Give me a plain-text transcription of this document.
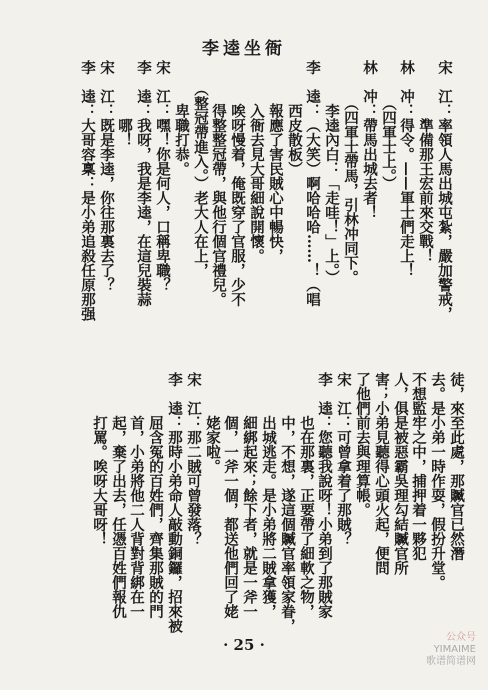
李逵坐衙
宋　江：率領人馬出城屯紮，嚴加警戒，
　　　　準備那王宏前來交戰！
林　冲：得令。——軍士們走上！
　　　（四軍士上。）
林　冲：帶馬出城去者！
　　　（四軍士帶馬，引林冲同下。
　　　李逵內白：「走哇！」上。）
李　逵：（大笑）啊哈哈哈……！（唱
　　　西皮散板）
　　　報應了害民賊心中暢快，
　　　入衙去見大哥細說開懷。
　　　唉呀慢着，俺既穿了官服，少不
　　　得整整冠帶，與他行個官禮兒。
　　（整冠帶進入。）老大人在上，
　　　卑職打恭。
宋　江：嘿！你是何人，口稱卑職？
李　逵：我呀，我是李逵，在這兒裝蒜
　　　　哪！
宋　江：既是李逵，你往那裏去了？
李　逵：大哥容稟：是小弟追殺任原那强
徒，來至此處，那贓官已然潛
去。是小弟一時作耍，假扮升堂。
不想監牢之中，捕押着一夥犯
人，俱是被惡霸吳理勾結贓官所
害；小弟見聽得心頭火起，便問
了他們前去與理算帳。
宋　江：可曾拿着了那賊？
李　逵：您聽我說呀！小弟到了那賊家
　　　也在那裏，正要帶了細軟之物，
　　　中，不想，遂這個贓官率領家眷，
　　　出城逃走。是小弟將二賊拿獲，
　　　細綁起來；餘下者，就是一斧一
　　　個，一斧一個，都送他們回了姥
　　　姥家啦。
宋　江：那二賊可曾發落？
李　逵：那時小弟命人敲動銅鑼，招來被
　　　屈含冤的百姓們，齊集那賊的門
　　　首，小弟將他二人背對背綁在一
　　　起，棄了出去，任憑百姓們報仇
　　　打罵。唉呀大哥呀！
· 25 ·	公众号
YIMAIME
歌谱简谱网
